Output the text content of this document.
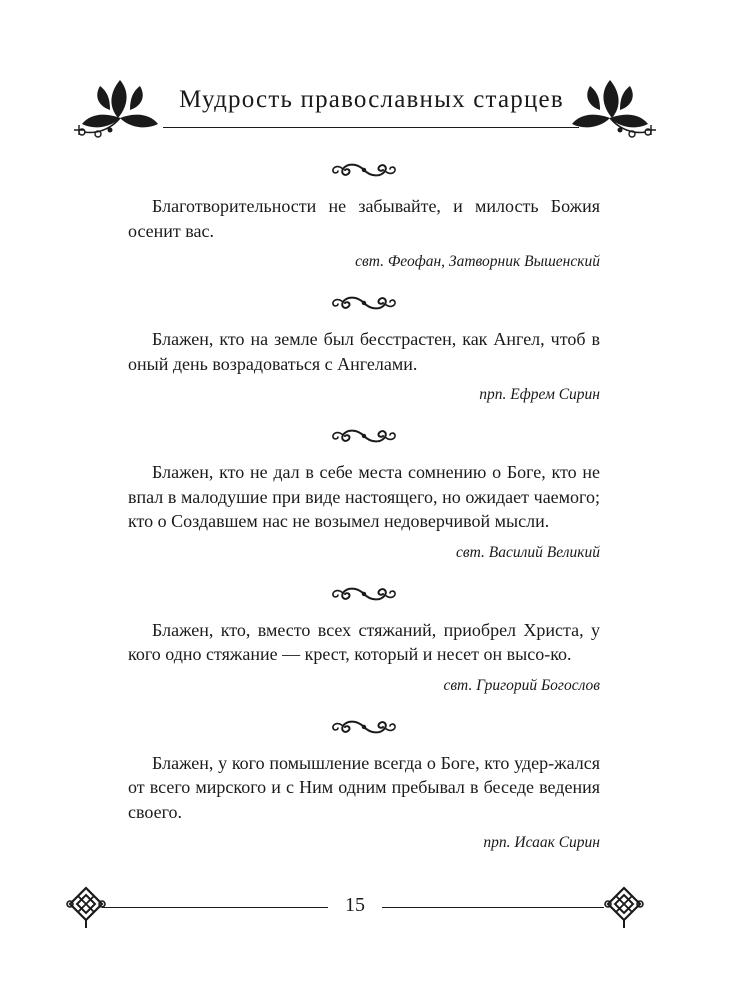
Мудрость православных старцев

Благотворительности не забывайте, и милость Божия осенит вас.

свт. Феофан, Затворник Вышенский

Блажен, кто на земле был бесстрастен, как Ангел, чтоб в оный день возрадоваться с Ангелами.

прп. Ефрем Сирин

Блажен, кто не дал в себе места сомнению о Боге, кто не впал в малодушие при виде настоящего, но ожидает чаемого; кто о Создавшем нас не возымел недоверчивой мысли.

свт. Василий Великий

Блажен, кто, вместо всех стяжаний, приобрел Христа, у кого одно стяжание — крест, который и несет он высо-ко.

свт. Григорий Богослов

Блажен, у кого помышление всегда о Боге, кто удер-жался от всего мирского и с Ним одним пребывал в беседе ведения своего.

прп. Исаак Сирин

15
